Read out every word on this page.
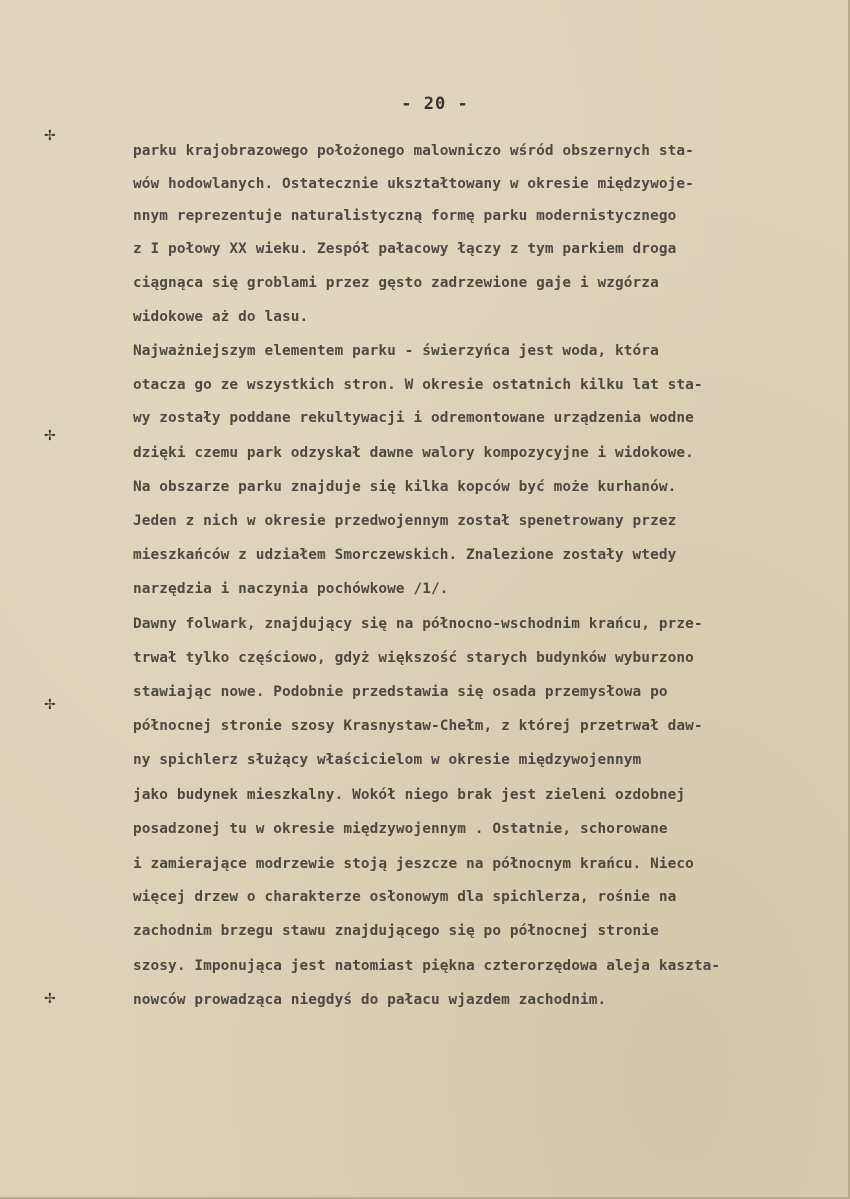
- 20 -
✢
✢
✢
✢
parku krajobrazowego położonego malowniczo wśród obszernych sta-
wów hodowlanych. Ostatecznie ukształtowany w okresie międzywoje-
nnym reprezentuje naturalistyczną formę parku modernistycznego
z I połowy XX wieku. Zespół pałacowy łączy z tym parkiem droga
ciągnąca się groblami przez gęsto zadrzewione gaje i wzgórza
widokowe aż do lasu.
Najważniejszym elementem parku - świerzyńca jest woda, która
otacza go ze wszystkich stron. W okresie ostatnich kilku lat sta-
wy zostały poddane rekultywacji i odremontowane urządzenia wodne
dzięki czemu park odzyskał dawne walory kompozycyjne i widokowe.
Na obszarze parku znajduje się kilka kopców być może kurhanów.
Jeden z nich w okresie przedwojennym został spenetrowany przez
mieszkańców z udziałem Smorczewskich. Znalezione zostały wtedy
narzędzia i naczynia pochówkowe /1/.
Dawny folwark, znajdujący się na północno-wschodnim krańcu, prze-
trwał tylko częściowo, gdyż większość starych budynków wyburzono
stawiając nowe. Podobnie przedstawia się osada przemysłowa po
północnej stronie szosy Krasnystaw-Chełm, z której przetrwał daw-
ny spichlerz służący właścicielom w okresie międzywojennym
jako budynek mieszkalny. Wokół niego brak jest zieleni ozdobnej
posadzonej tu w okresie międzywojennym . Ostatnie, schorowane
i zamierające modrzewie stoją jeszcze na północnym krańcu. Nieco
więcej drzew o charakterze osłonowym dla spichlerza, rośnie na
zachodnim brzegu stawu znajdującego się po północnej stronie
szosy. Imponująca jest natomiast piękna czterorzędowa aleja kaszta-
nowców prowadząca niegdyś do pałacu wjazdem zachodnim.
